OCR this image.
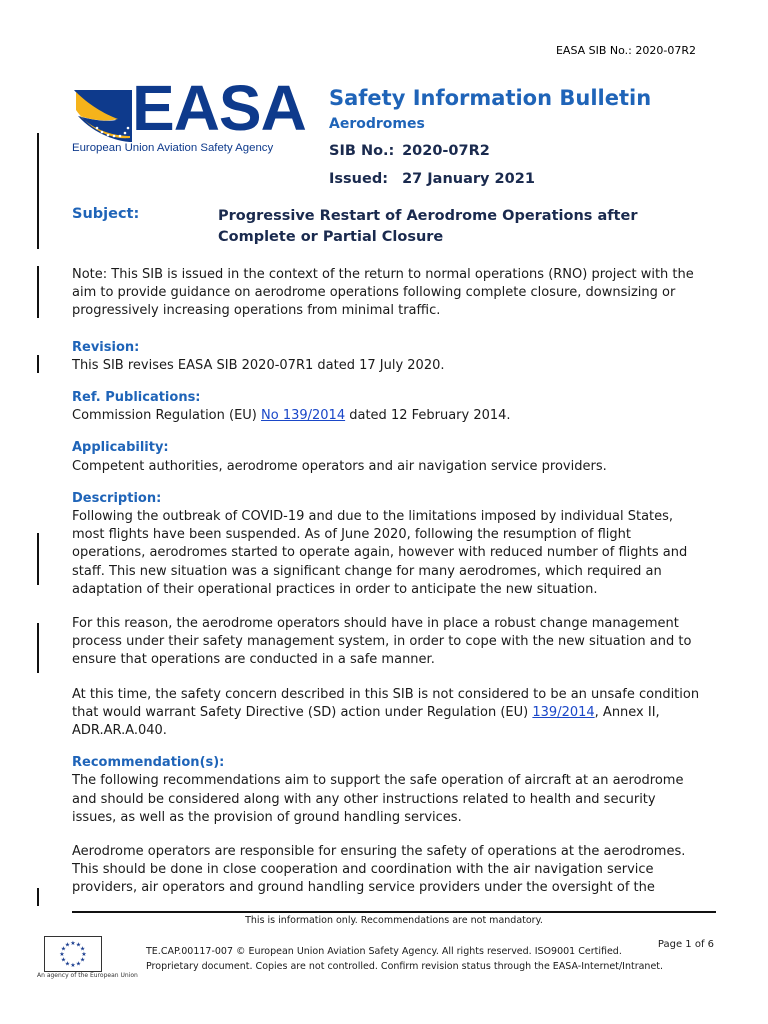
EASA SIB No.: 2020-07R2
EASA
European Union Aviation Safety Agency
Safety Information Bulletin
Aerodromes
SIB No.: 2020-07R2
Issued: 27 January 2021
Subject:	Progressive Restart of Aerodrome Operations after Complete or Partial Closure

Note: This SIB is issued in the context of the return to normal operations (RNO) project with the aim to provide guidance on aerodrome operations following complete closure, downsizing or progressively increasing operations from minimal traffic.

Revision:

This SIB revises EASA SIB 2020-07R1 dated 17 July 2020.

Ref. Publications:

Commission Regulation (EU) No 139/2014 dated 12 February 2014.

Applicability:

Competent authorities, aerodrome operators and air navigation service providers.

Description:

Following the outbreak of COVID-19 and due to the limitations imposed by individual States, most flights have been suspended. As of June 2020, following the resumption of flight operations, aerodromes started to operate again, however with reduced number of flights and staff. This new situation was a significant change for many aerodromes, which required an adaptation of their operational practices in order to anticipate the new situation.

For this reason, the aerodrome operators should have in place a robust change management process under their safety management system, in order to cope with the new situation and to ensure that operations are conducted in a safe manner.

At this time, the safety concern described in this SIB is not considered to be an unsafe condition that would warrant Safety Directive (SD) action under Regulation (EU) 139/2014, Annex II, ADR.AR.A.040.

Recommendation(s):

The following recommendations aim to support the safe operation of aircraft at an aerodrome and should be considered along with any other instructions related to health and security issues, as well as the provision of ground handling services.

Aerodrome operators are responsible for ensuring the safety of operations at the aerodromes. This should be done in close cooperation and coordination with the air navigation service providers, air operators and ground handling service providers under the oversight of the

This is information only. Recommendations are not mandatory.
★
★
★
★
★
★
★
★
★ ★ ★
★
An agency of the European Union
TE.CAP.00117-007 © European Union Aviation Safety Agency. All rights reserved. ISO9001 Certified.
Proprietary document. Copies are not controlled. Confirm revision status through the EASA-Internet/Intranet.
Page 1 of 6
